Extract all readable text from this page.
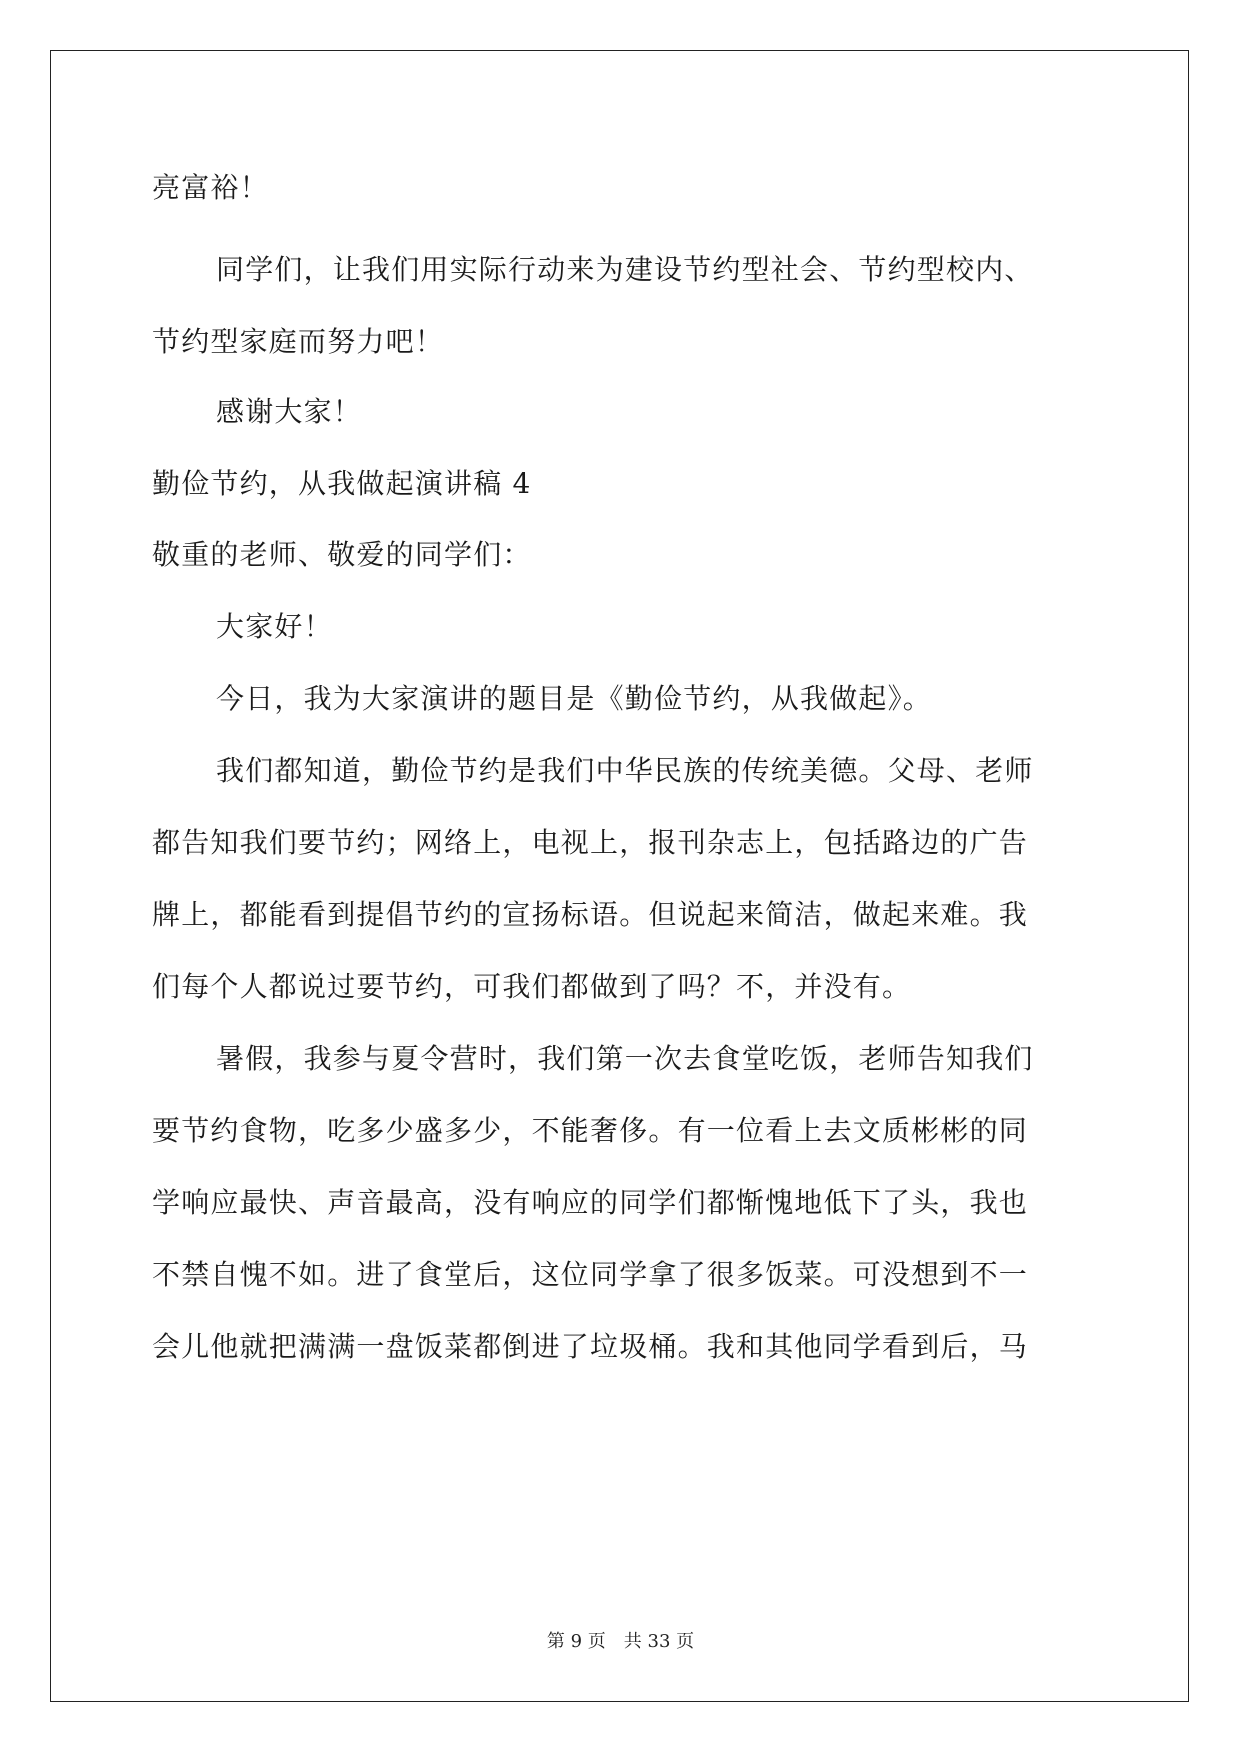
亮富裕！
同学们，让我们用实际行动来为建设节约型社会、节约型校内、
节约型家庭而努力吧！
感谢大家！
勤俭节约，从我做起演讲稿 4
敬重的老师、敬爱的同学们：
大家好！
今日，我为大家演讲的题目是《勤俭节约，从我做起》。
我们都知道，勤俭节约是我们中华民族的传统美德。父母、老师
都告知我们要节约；网络上，电视上，报刊杂志上，包括路边的广告
牌上，都能看到提倡节约的宣扬标语。但说起来简洁，做起来难。我
们每个人都说过要节约，可我们都做到了吗？不，并没有。
暑假，我参与夏令营时，我们第一次去食堂吃饭，老师告知我们
要节约食物，吃多少盛多少，不能奢侈。有一位看上去文质彬彬的同
学响应最快、声音最高，没有响应的同学们都惭愧地低下了头，我也
不禁自愧不如。进了食堂后，这位同学拿了很多饭菜。可没想到不一
会儿他就把满满一盘饭菜都倒进了垃圾桶。我和其他同学看到后，马
第 9 页　共 33 页
